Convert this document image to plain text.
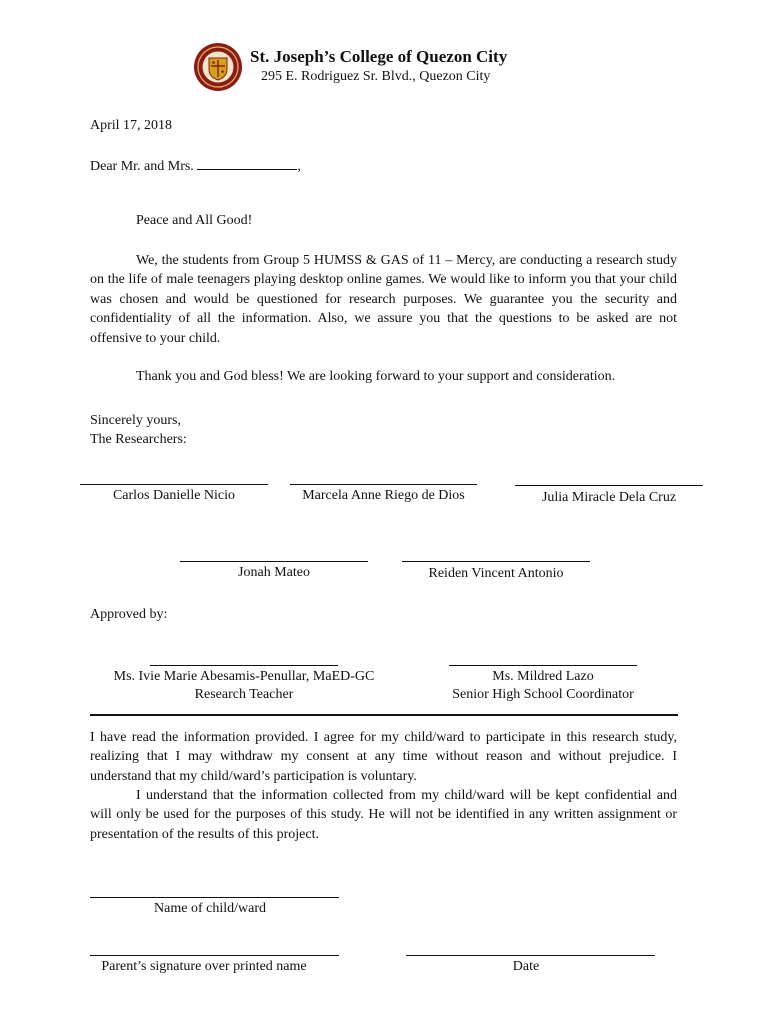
St. Joseph’s College of Quezon City
295 E. Rodriguez Sr. Blvd., Quezon City
April 17, 2018
Dear Mr. and Mrs.	,
Peace and All Good!

We, the students from Group 5 HUMSS & GAS of 11 – Mercy, are conducting a research study on the life of male teenagers playing desktop online games. We would like to inform you that your child was chosen and would be questioned for research purposes. We guarantee you the security and confidentiality of all the information. Also, we assure you that the questions to be asked are not offensive to your child.

Thank you and God bless! We are looking forward to your support and consideration.

Sincerely yours,
The Researchers:
Carlos Danielle Nicio	Marcela Anne Riego de Dios	Julia Miracle Dela Cruz
Jonah Mateo	Reiden Vincent Antonio
Approved by:
Ms. Ivie Marie Abesamis-Penullar, MaED-GC
Research Teacher
Ms. Mildred Lazo
Senior High School Coordinator

I have read the information provided. I agree for my child/ward to participate in this research study, realizing that I may withdraw my consent at any time without reason and without prejudice. I understand that my child/ward’s participation is voluntary.

I understand that the information collected from my child/ward will be kept confidential and will only be used for the purposes of this study. He will not be identified in any written assignment or presentation of the results of this project.

Name of child/ward
Parent’s signature over printed name	Date
